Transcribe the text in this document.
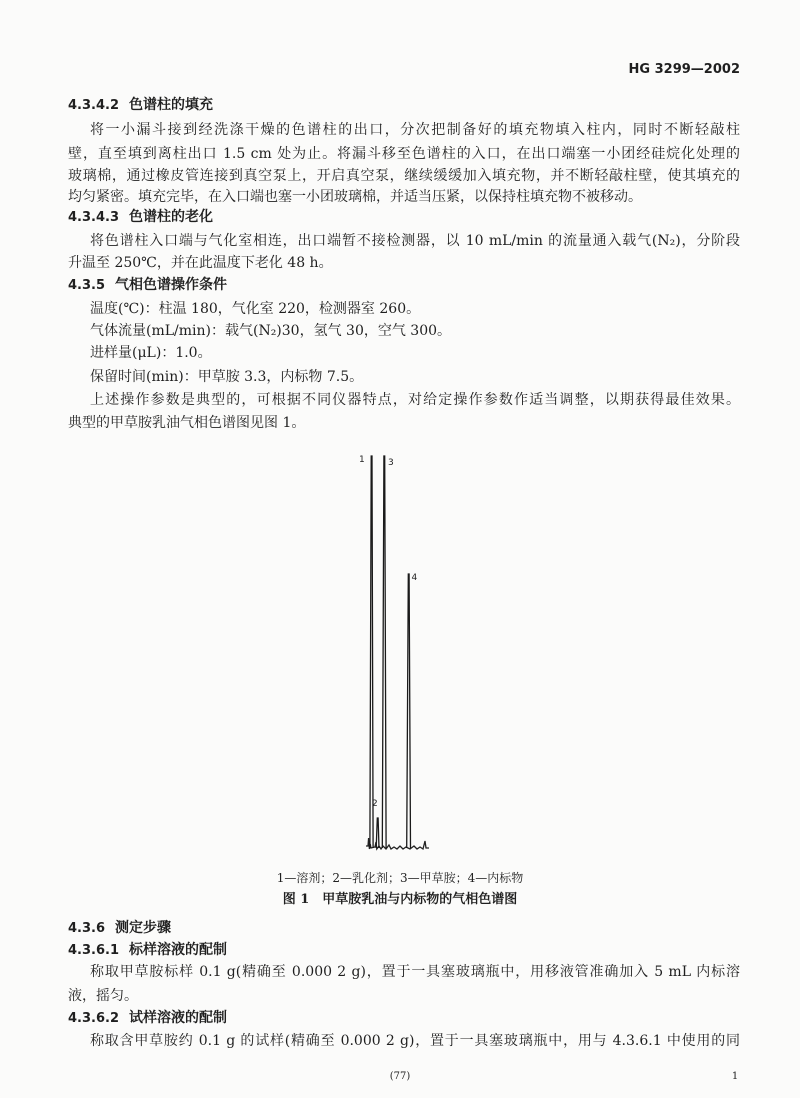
HG 3299—2002
4.3.4.2 色谱柱的填充
将一小漏斗接到经洗涤干燥的色谱柱的出口，分次把制备好的填充物填入柱内，同时不断轻敲柱
壁，直至填到离柱出口 1.5 cm 处为止。将漏斗移至色谱柱的入口，在出口端塞一小团经硅烷化处理的
玻璃棉，通过橡皮管连接到真空泵上，开启真空泵，继续缓缓加入填充物，并不断轻敲柱壁，使其填充的
均匀紧密。填充完毕，在入口端也塞一小团玻璃棉，并适当压紧，以保持柱填充物不被移动。
4.3.4.3 色谱柱的老化
将色谱柱入口端与气化室相连，出口端暂不接检测器，以 10 mL/min 的流量通入载气(N₂)，分阶段
升温至 250℃，并在此温度下老化 48 h。
4.3.5 气相色谱操作条件
温度(℃)：柱温 180，气化室 220，检测器室 260。
气体流量(mL/min)：载气(N₂)30，氢气 30，空气 300。
进样量(μL)：1.0。
保留时间(min)：甲草胺 3.3，内标物 7.5。
上述操作参数是典型的，可根据不同仪器特点，对给定操作参数作适当调整，以期获得最佳效果。
典型的甲草胺乳油气相色谱图见图 1。
1
2
3
4
1—溶剂；2—乳化剂；3—甲草胺；4—内标物
图 1　甲草胺乳油与内标物的气相色谱图
4.3.6 测定步骤
4.3.6.1 标样溶液的配制
称取甲草胺标样 0.1 g(精确至 0.000 2 g)，置于一具塞玻璃瓶中，用移液管准确加入 5 mL 内标溶
液，摇匀。
4.3.6.2 试样溶液的配制
称取含甲草胺约 0.1 g 的试样(精确至 0.000 2 g)，置于一具塞玻璃瓶中，用与 4.3.6.1 中使用的同
(77)	1
